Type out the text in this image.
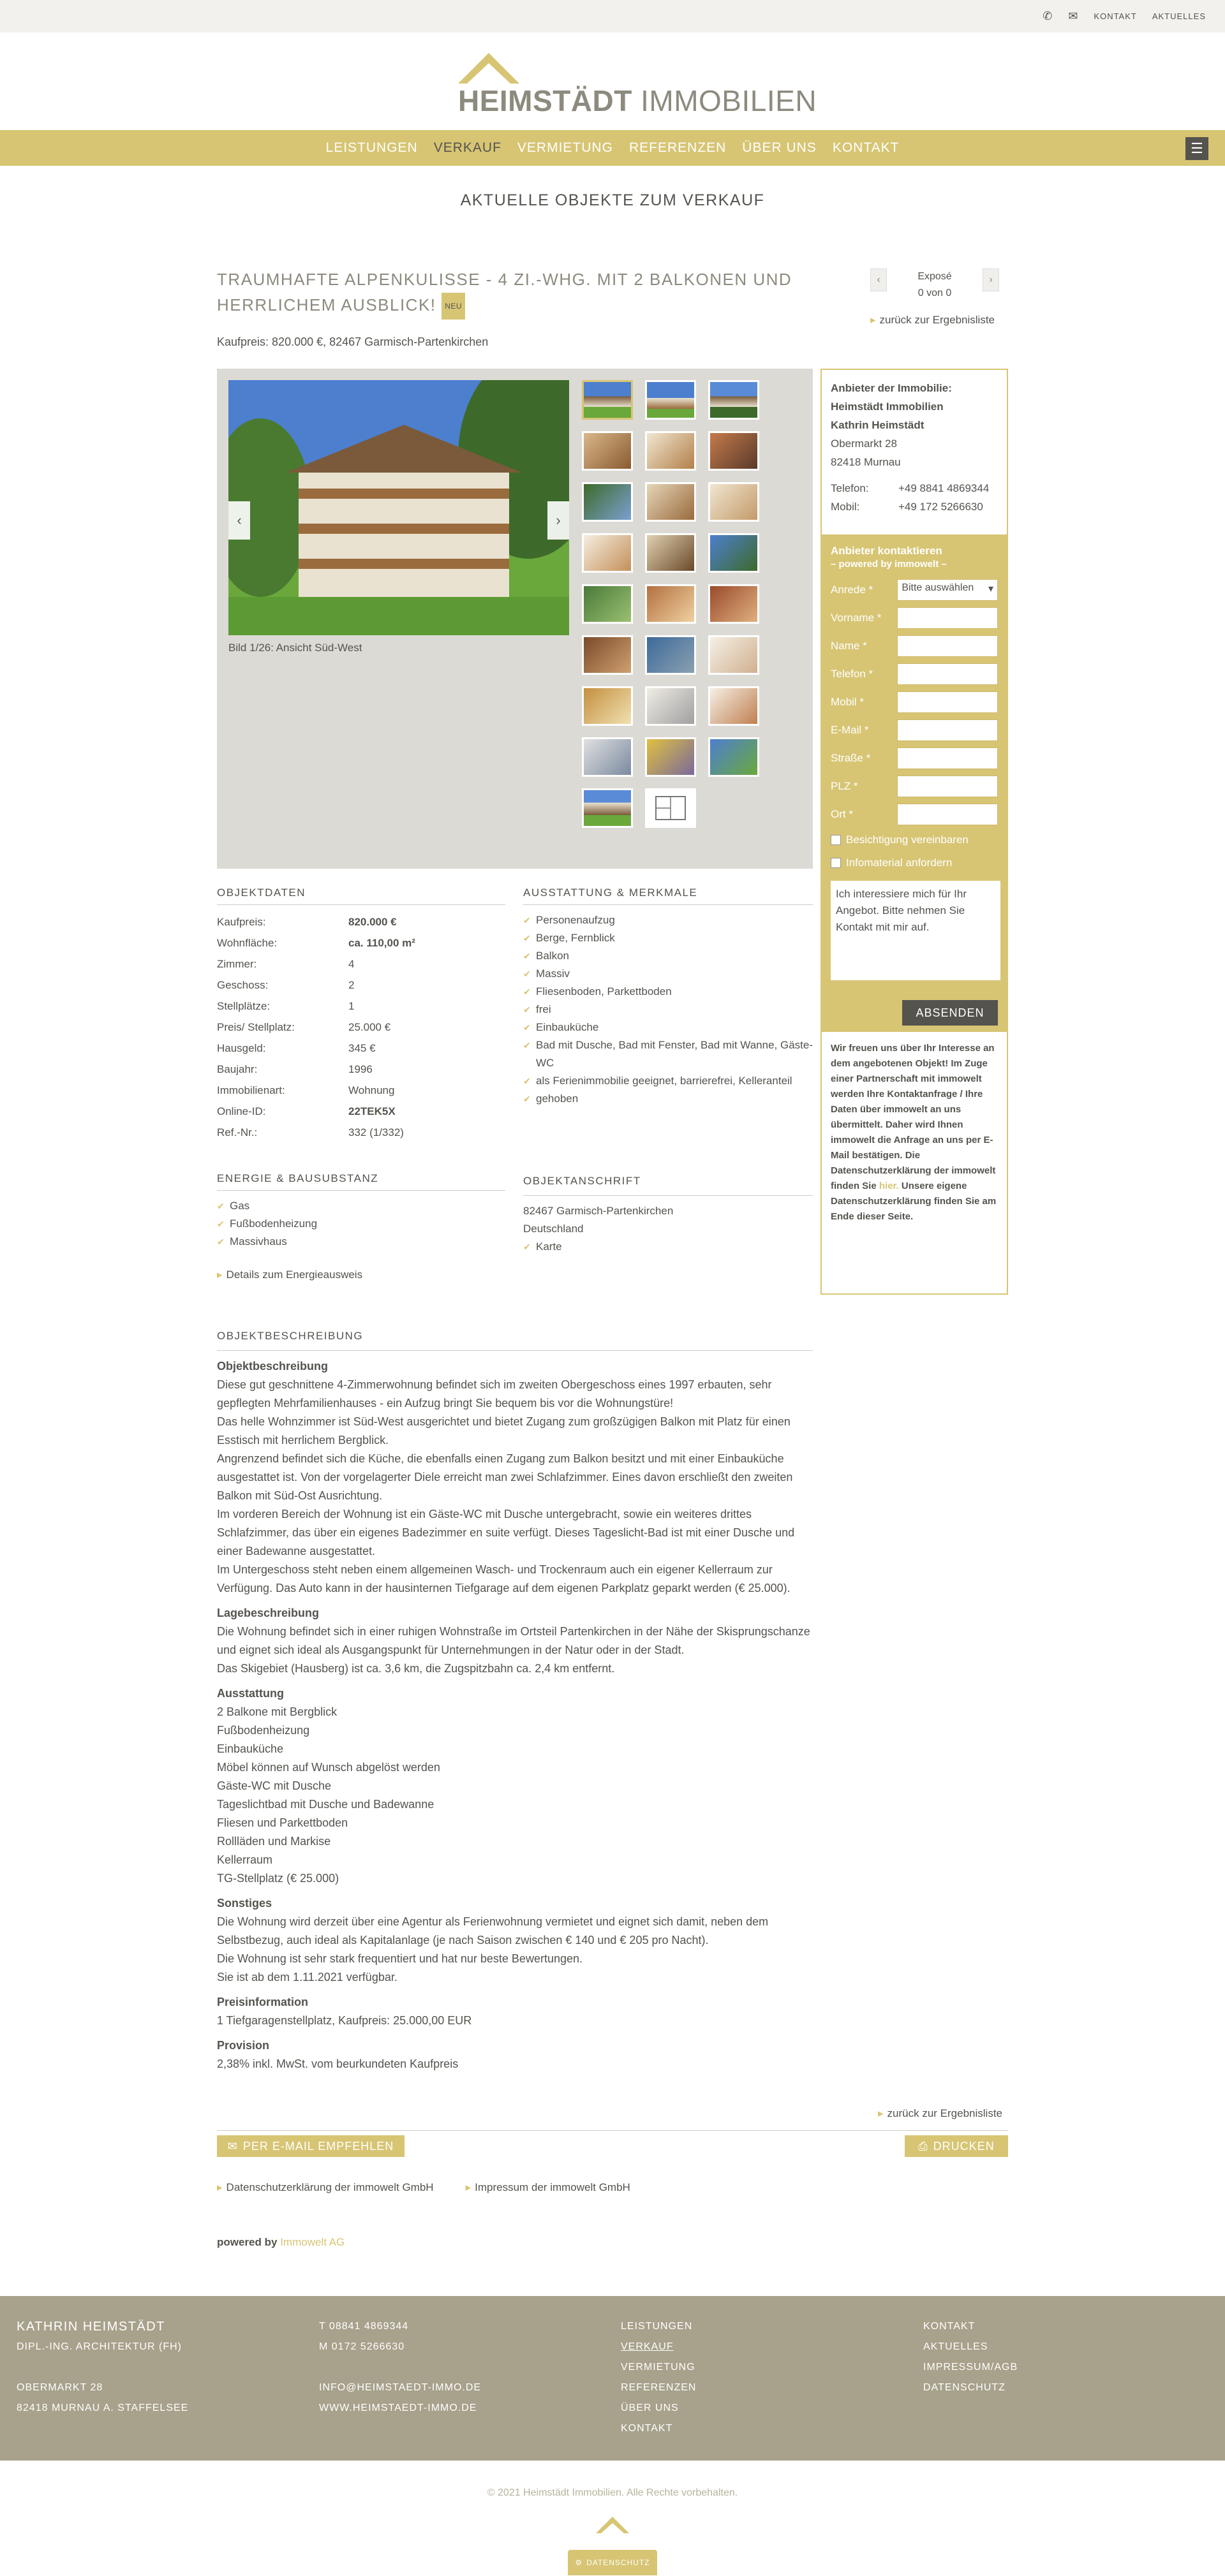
✆ ✉ KONTAKT AKTUELLES
HEIMSTÄDT IMMOBILIEN
LEISTUNGEN VERKAUF VERMIETUNG REFERENZEN ÜBER UNS KONTAKT	☰
AKTUELLE OBJEKTE ZUM VERKAUF
TRAUMHAFTE ALPENKULISSE - 4 ZI.-WHG. MIT 2 BALKONEN UND HERRLICHEM AUSBLICK! NEU
‹	Exposé
0 von 0
›
▸ zurück zur Ergebnisliste
Kaufpreis: 820.000 €, 82467 Garmisch-Partenkirchen
‹	›
Bild 1/26: Ansicht Süd-West
Anbieter der Immobilie:
Heimstädt Immobilien
Kathrin Heimstädt
Obermarkt 28
82418 Murnau
Telefon:	+49 8841 4869344
Mobil:	+49 172 5266630
Anbieter kontaktieren
– powered by immowelt –
Anrede *	Bitte auswählen ▾
Vorname *
Name *
Telefon *
Mobil *
E-Mail *
Straße *
PLZ *
Ort *
Besichtigung vereinbaren
Infomaterial anfordern
Ich interessiere mich für Ihr Angebot. Bitte nehmen Sie Kontakt mit mir auf.
ABSENDEN
Wir freuen uns über Ihr Interesse an dem angebotenen Objekt! Im Zuge einer Partnerschaft mit immowelt werden Ihre Kontaktanfrage / Ihre Daten über immowelt an uns übermittelt. Daher wird Ihnen immowelt die Anfrage an uns per E-Mail bestätigen. Die Datenschutzerklärung der immowelt finden Sie hier. Unsere eigene Datenschutzerklärung finden Sie am Ende dieser Seite.
OBJEKTDATEN
Kaufpreis:	820.000 €
Wohnfläche:	ca. 110,00 m²
Zimmer:	4
Geschoss:	2
Stellplätze:	1
Preis/ Stellplatz:	25.000 €
Hausgeld:	345 €
Baujahr:	1996
Immobilienart:	Wohnung
Online-ID:	22TEK5X
Ref.-Nr.:	332 (1/332)
AUSSTATTUNG & MERKMALE
✔ Personenaufzug
✔ Berge, Fernblick
✔ Balkon
✔ Massiv
✔ Fliesenboden, Parkettboden
✔ frei
✔ Einbauküche
✔ Bad mit Dusche, Bad mit Fenster, Bad mit Wanne, Gäste-WC
✔ als Ferienimmobilie geeignet, barrierefrei, Kelleranteil
✔ gehoben
ENERGIE & BAUSUBSTANZ
✔ Gas
✔ Fußbodenheizung
✔ Massivhaus
▸ Details zum Energieausweis
OBJEKTANSCHRIFT
82467 Garmisch-Partenkirchen
Deutschland
✔ Karte
OBJEKTBESCHREIBUNG
Objektbeschreibung
Diese gut geschnittene 4-Zimmerwohnung befindet sich im zweiten Obergeschoss eines 1997 erbauten, sehr gepflegten Mehrfamilienhauses - ein Aufzug bringt Sie bequem bis vor die Wohnungstüre!
Das helle Wohnzimmer ist Süd-West ausgerichtet und bietet Zugang zum großzügigen Balkon mit Platz für einen Esstisch mit herrlichem Bergblick.
Angrenzend befindet sich die Küche, die ebenfalls einen Zugang zum Balkon besitzt und mit einer Einbauküche ausgestattet ist. Von der vorgelagerter Diele erreicht man zwei Schlafzimmer. Eines davon erschließt den zweiten Balkon mit Süd-Ost Ausrichtung.
Im vorderen Bereich der Wohnung ist ein Gäste-WC mit Dusche untergebracht, sowie ein weiteres drittes Schlafzimmer, das über ein eigenes Badezimmer en suite verfügt. Dieses Tageslicht-Bad ist mit einer Dusche und einer Badewanne ausgestattet.
Im Untergeschoss steht neben einem allgemeinen Wasch- und Trockenraum auch ein eigener Kellerraum zur Verfügung. Das Auto kann in der hausinternen Tiefgarage auf dem eigenen Parkplatz geparkt werden (€ 25.000).
Lagebeschreibung
Die Wohnung befindet sich in einer ruhigen Wohnstraße im Ortsteil Partenkirchen in der Nähe der Skisprungschanze und eignet sich ideal als Ausgangspunkt für Unternehmungen in der Natur oder in der Stadt.
Das Skigebiet (Hausberg) ist ca. 3,6 km, die Zugspitzbahn ca. 2,4 km entfernt.
Ausstattung
2 Balkone mit Bergblick
Fußbodenheizung
Einbauküche
Möbel können auf Wunsch abgelöst werden
Gäste-WC mit Dusche
Tageslichtbad mit Dusche und Badewanne
Fliesen und Parkettboden
Rollläden und Markise
Kellerraum
TG-Stellplatz (€ 25.000)
Sonstiges
Die Wohnung wird derzeit über eine Agentur als Ferienwohnung vermietet und eignet sich damit, neben dem Selbstbezug, auch ideal als Kapitalanlage (je nach Saison zwischen € 140 und € 205 pro Nacht).
Die Wohnung ist sehr stark frequentiert und hat nur beste Bewertungen.
Sie ist ab dem 1.11.2021 verfügbar.
Preisinformation
1 Tiefgaragenstellplatz, Kaufpreis: 25.000,00 EUR
Provision
2,38% inkl. MwSt. vom beurkundeten Kaufpreis
▸ zurück zur Ergebnisliste
✉ PER E-MAIL EMPFEHLEN	⎙ DRUCKEN
▸ Datenschutzerklärung der immowelt GmbH	▸ Impressum der immowelt GmbH
powered by Immowelt AG
KATHRIN HEIMSTÄDT
DIPL.-ING. ARCHITEKTUR (FH)
OBERMARKT 28
82418 MURNAU A. STAFFELSEE
T 08841 4869344
M 0172 5266630
INFO@HEIMSTAEDT-IMMO.DE
WWW.HEIMSTAEDT-IMMO.DE
LEISTUNGEN
VERKAUF
VERMIETUNG
REFERENZEN
ÜBER UNS
KONTAKT
KONTAKT
AKTUELLES
IMPRESSUM/AGB
DATENSCHUTZ
© 2021 Heimstädt Immobilien. Alle Rechte vorbehalten.
⚙ DATENSCHUTZ
